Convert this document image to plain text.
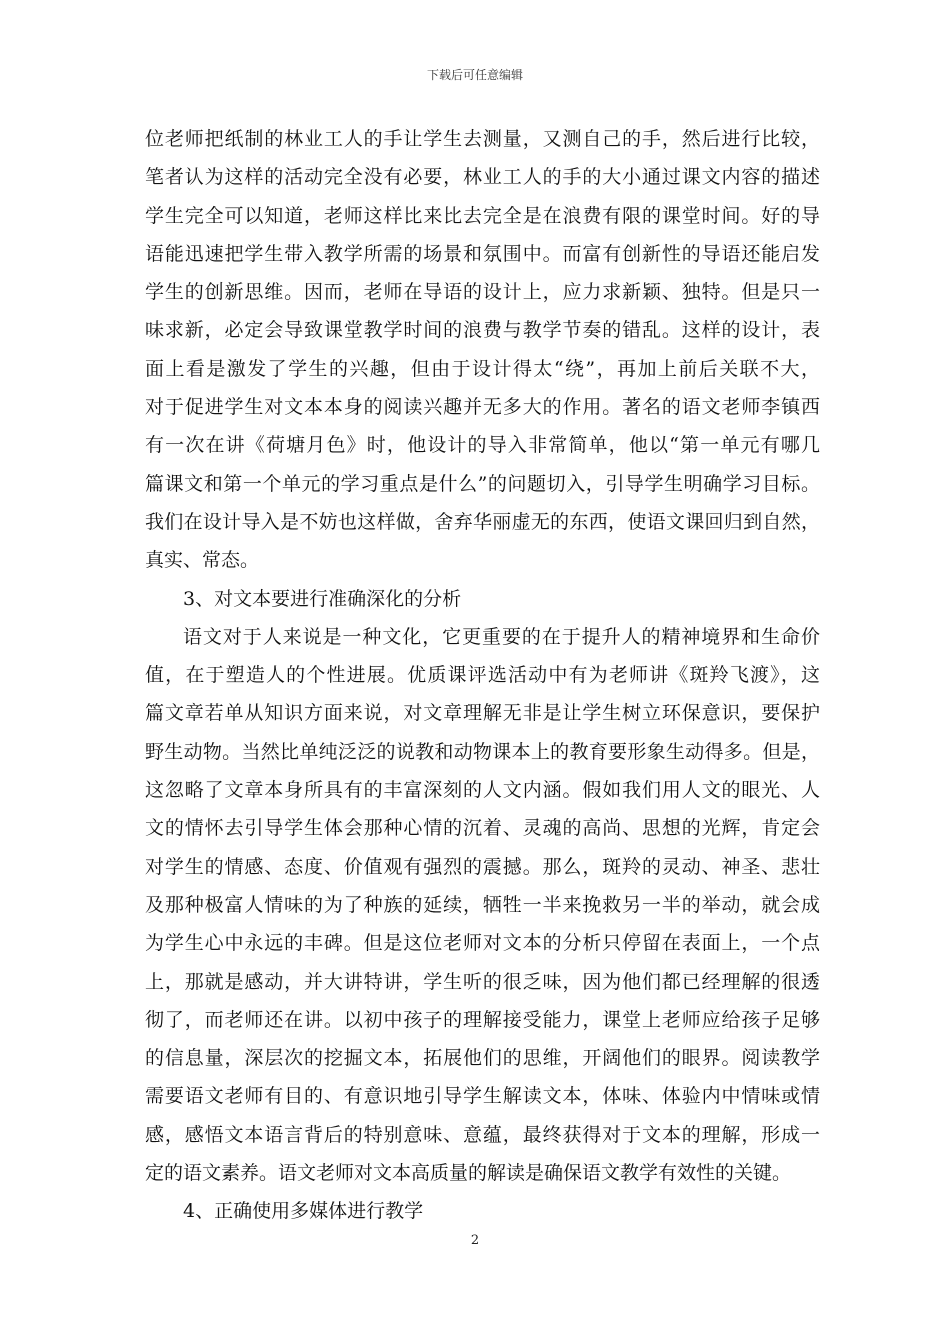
下载后可任意编辑
位老师把纸制的林业工人的手让学生去测量，又测自己的手，然后进行比较，
笔者认为这样的活动完全没有必要，林业工人的手的大小通过课文内容的描述
学生完全可以知道，老师这样比来比去完全是在浪费有限的课堂时间。好的导
语能迅速把学生带入教学所需的场景和氛围中。而富有创新性的导语还能启发
学生的创新思维。因而，老师在导语的设计上，应力求新颖、独特。但是只一
味求新，必定会导致课堂教学时间的浪费与教学节奏的错乱。这样的设计，表
面上看是激发了学生的兴趣，但由于设计得太“绕”，再加上前后关联不大，
对于促进学生对文本本身的阅读兴趣并无多大的作用。著名的语文老师李镇西
有一次在讲《荷塘月色》时，他设计的导入非常简单，他以“第一单元有哪几
篇课文和第一个单元的学习重点是什么”的问题切入，引导学生明确学习目标。
我们在设计导入是不妨也这样做，舍弃华丽虚无的东西，使语文课回归到自然，
真实、常态。
3、对文本要进行准确深化的分析
语文对于人来说是一种文化，它更重要的在于提升人的精神境界和生命价
值，在于塑造人的个性进展。优质课评选活动中有为老师讲《斑羚飞渡》，这
篇文章若单从知识方面来说，对文章理解无非是让学生树立环保意识，要保护
野生动物。当然比单纯泛泛的说教和动物课本上的教育要形象生动得多。但是，
这忽略了文章本身所具有的丰富深刻的人文内涵。假如我们用人文的眼光、人
文的情怀去引导学生体会那种心情的沉着、灵魂的高尚、思想的光辉，肯定会
对学生的情感、态度、价值观有强烈的震撼。那么，斑羚的灵动、神圣、悲壮
及那种极富人情味的为了种族的延续，牺牲一半来挽救另一半的举动，就会成
为学生心中永远的丰碑。但是这位老师对文本的分析只停留在表面上，一个点
上，那就是感动，并大讲特讲，学生听的很乏味，因为他们都已经理解的很透
彻了，而老师还在讲。以初中孩子的理解接受能力，课堂上老师应给孩子足够
的信息量，深层次的挖掘文本，拓展他们的思维，开阔他们的眼界。阅读教学
需要语文老师有目的、有意识地引导学生解读文本，体味、体验内中情味或情
感，感悟文本语言背后的特别意味、意蕴，最终获得对于文本的理解，形成一
定的语文素养。语文老师对文本高质量的解读是确保语文教学有效性的关键。
4、正确使用多媒体进行教学
2
